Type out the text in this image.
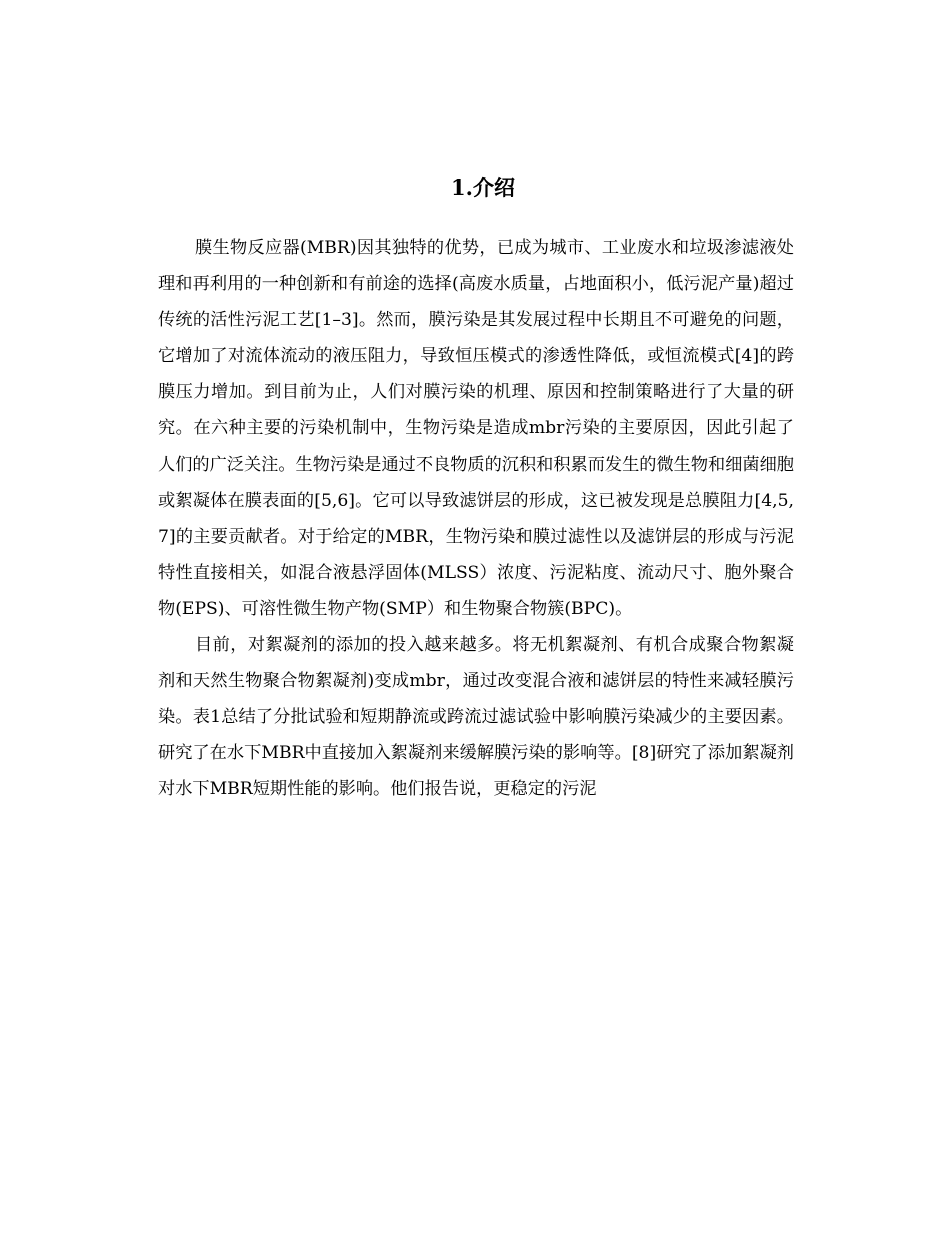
1.介绍

膜生物反应器(MBR)因其独特的优势，已成为城市、工业废水和垃圾渗滤液处理和再利用的一种创新和有前途的选择(高废水质量，占地面积小，低污泥产量)超过传统的活性污泥工艺[1–3]。然而，膜污染是其发展过程中长期且不可避免的问题，它增加了对流体流动的液压阻力，导致恒压模式的渗透性降低，或恒流模式[4]的跨膜压力增加。到目前为止，人们对膜污染的机理、原因和控制策略进行了大量的研究。在六种主要的污染机制中，生物污染是造成mbr污染的主要原因，因此引起了人们的广泛关注。生物污染是通过不良物质的沉积和积累而发生的微生物和细菌细胞或絮凝体在膜表面的[5,6]。它可以导致滤饼层的形成，这已被发现是总膜阻力[4,5,7]的主要贡献者。对于给定的MBR，生物污染和膜过滤性以及滤饼层的形成与污泥特性直接相关，如混合液悬浮固体(MLSS）浓度、污泥粘度、流动尺寸、胞外聚合物(EPS)、可溶性微生物产物(SMP）和生物聚合物簇(BPC)。

目前，对絮凝剂的添加的投入越来越多。将无机絮凝剂、有机合成聚合物絮凝剂和天然生物聚合物絮凝剂)变成mbr，通过改变混合液和滤饼层的特性来减轻膜污染。表1总结了分批试验和短期静流或跨流过滤试验中影响膜污染减少的主要因素。研究了在水下MBR中直接加入絮凝剂来缓解膜污染的影响等。[8]研究了添加絮凝剂对水下MBR短期性能的影响。他们报告说，更稳定的污泥
